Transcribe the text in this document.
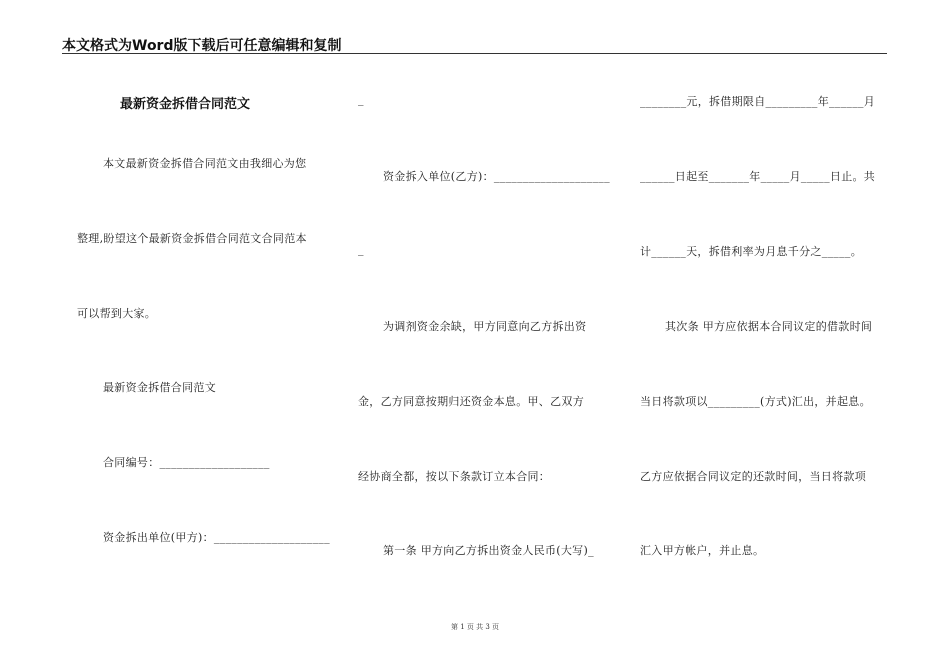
本文格式为Word版下载后可任意编辑和复制
最新资金拆借合同范文
本文最新资金拆借合同范文由我细心为您
整理,盼望这个最新资金拆借合同范文合同范本
可以帮到大家。
最新资金拆借合同范文
合同编号：___________________
资金拆出单位(甲方)：____________________
_
资金拆入单位(乙方)：____________________
_
为调剂资金余缺，甲方同意向乙方拆出资
金，乙方同意按期归还资金本息。甲、乙双方
经协商全都，按以下条款订立本合同：
第一条 甲方向乙方拆出资金人民币(大写)_
________元，拆借期限自_________年______月
______日起至_______年_____月_____日止。共
计______天，拆借利率为月息千分之_____。
其次条 甲方应依据本合同议定的借款时间
当日将款项以_________(方式)汇出，并起息。
乙方应依据合同议定的还款时间，当日将款项
汇入甲方帐户，并止息。
第 1 页 共 3 页
